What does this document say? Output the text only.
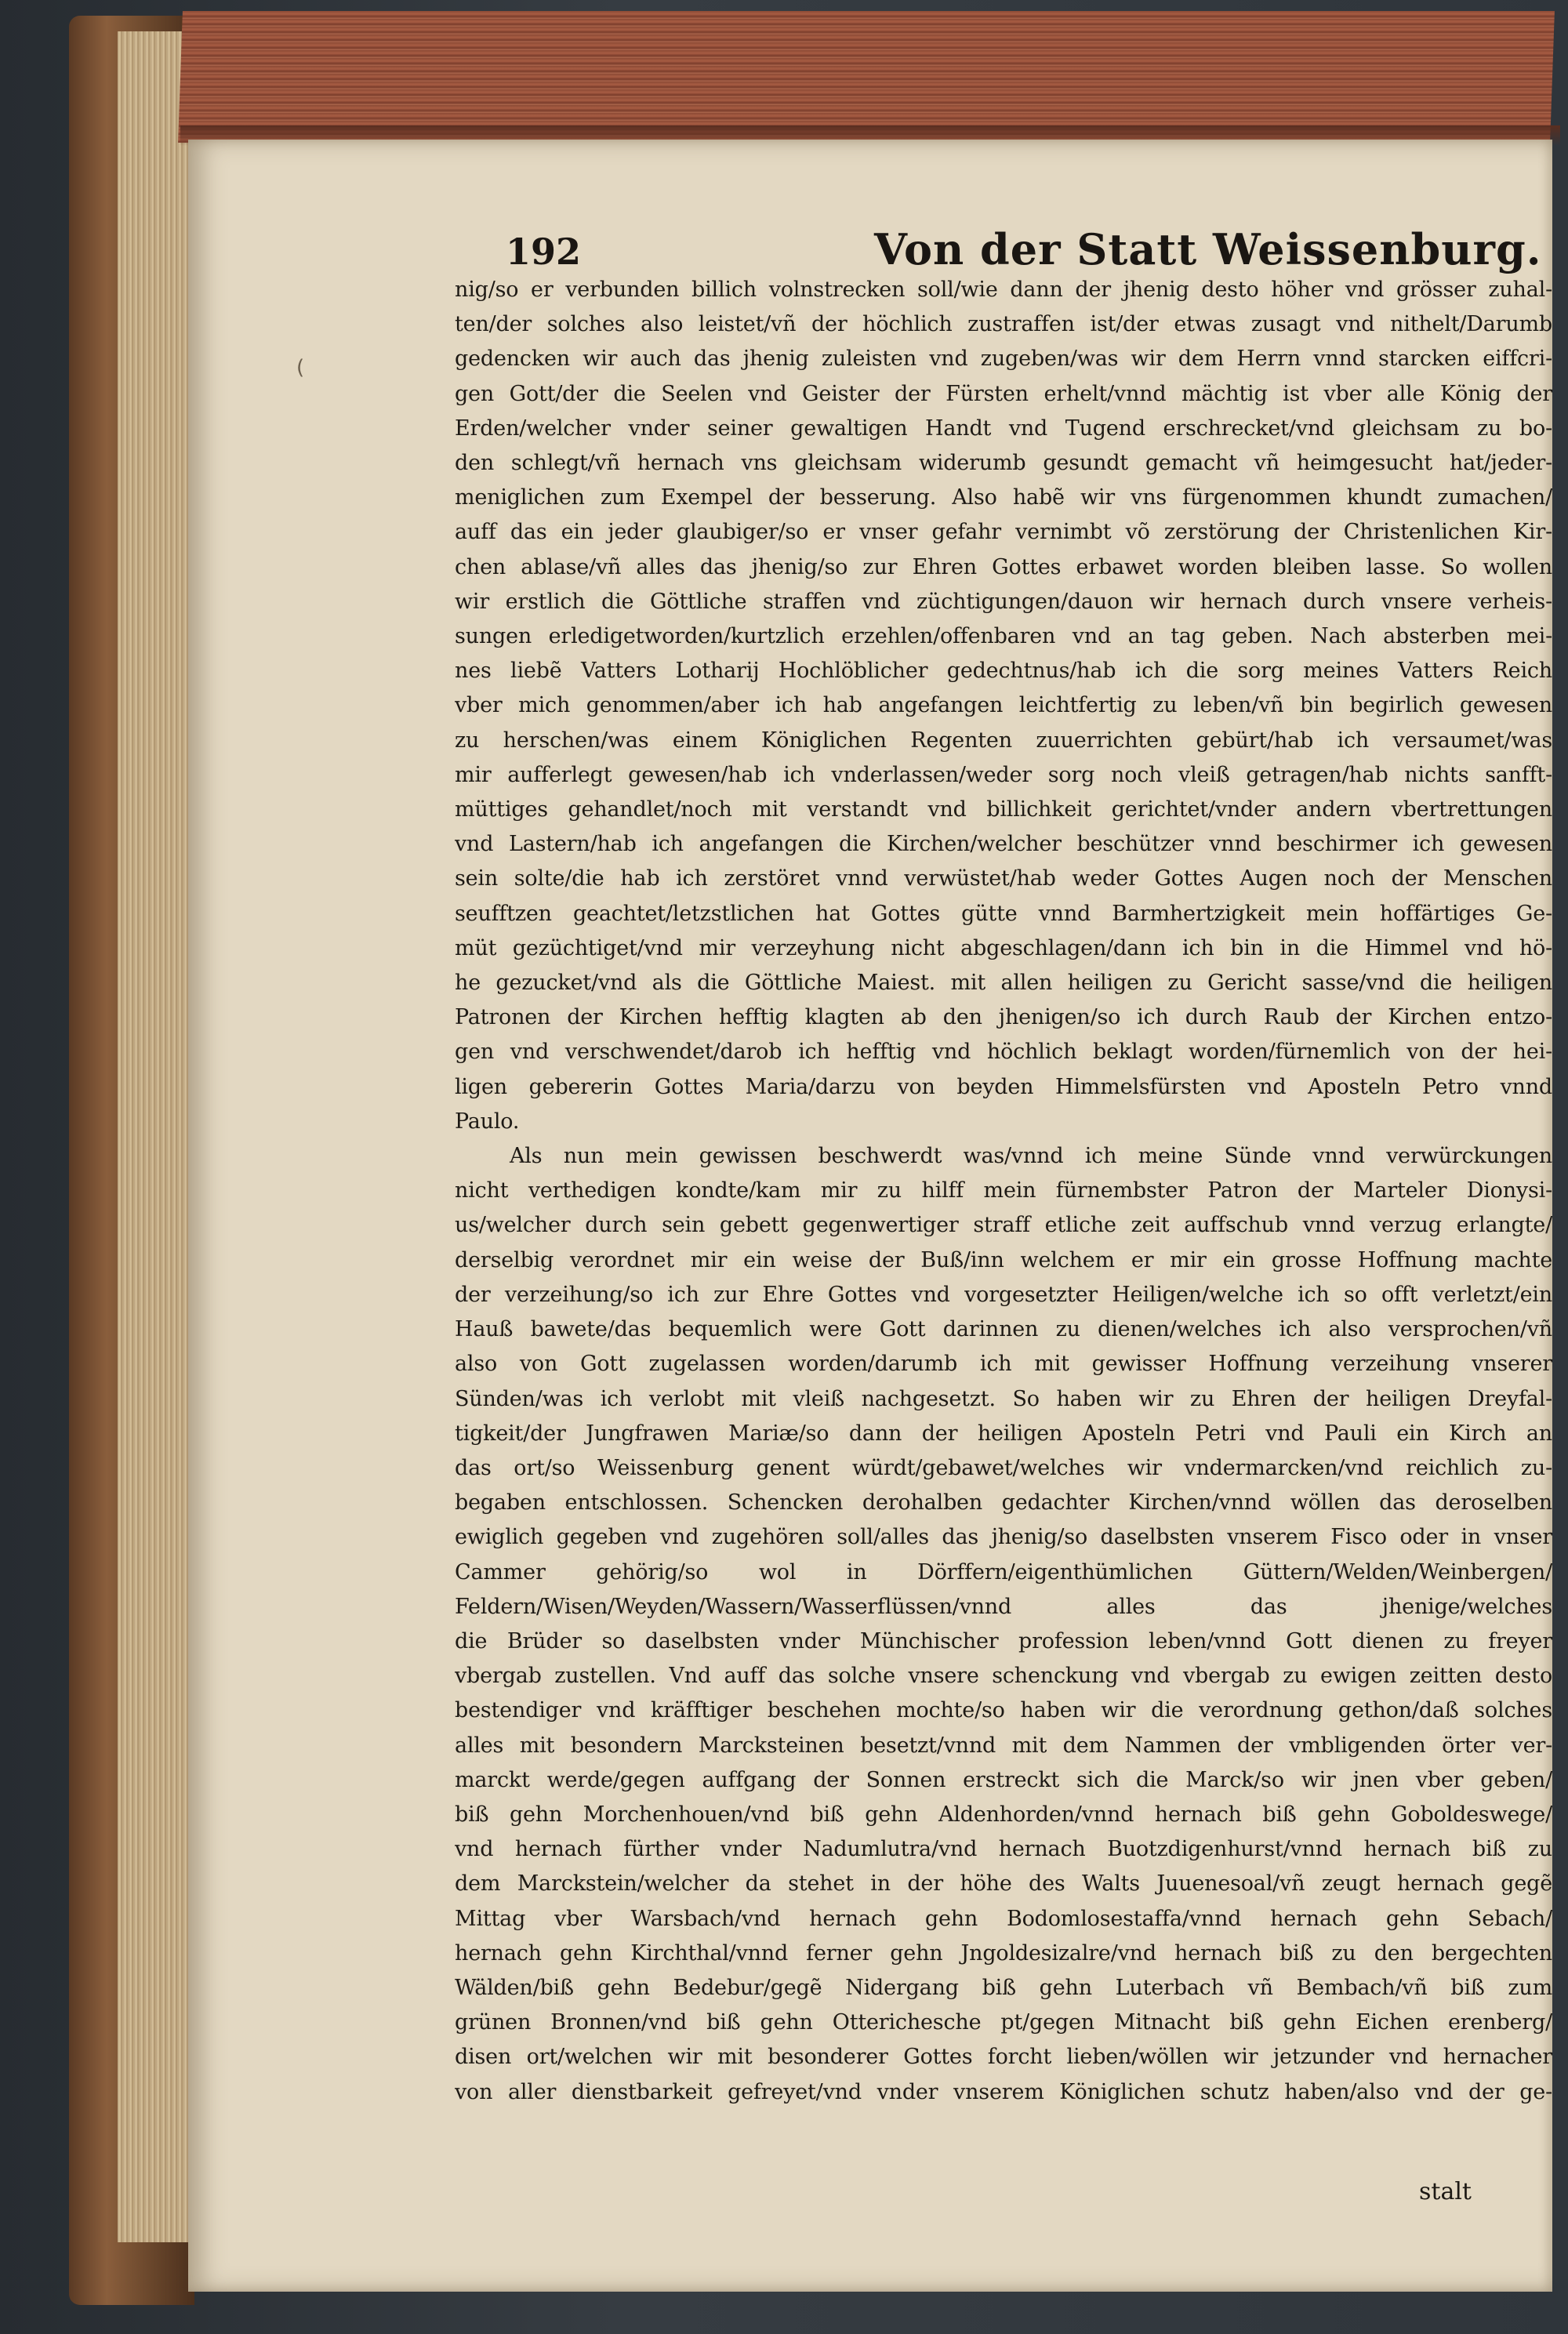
(
192	Von der Statt Weissenburg.
nig/so er verbunden billich volnstrecken soll/wie dann der jhenig desto höher vnd grösser zuhal-
ten/der solches also leistet/vñ der höchlich zustraffen ist/der etwas zusagt vnd nithelt/Darumb
gedencken wir auch das jhenig zuleisten vnd zugeben/was wir dem Herrn vnnd starcken eiffcri-
gen Gott/der die Seelen vnd Geister der Fürsten erhelt/vnnd mächtig ist vber alle König der
Erden/welcher vnder seiner gewaltigen Handt vnd Tugend erschrecket/vnd gleichsam zu bo-
den schlegt/vñ hernach vns gleichsam widerumb gesundt gemacht vñ heimgesucht hat/jeder-
meniglichen zum Exempel der besserung. Also habẽ wir vns fürgenommen khundt zumachen/
auff das ein jeder glaubiger/so er vnser gefahr vernimbt võ zerstörung der Christenlichen Kir-
chen ablase/vñ alles das jhenig/so zur Ehren Gottes erbawet worden bleiben lasse. So wollen
wir erstlich die Göttliche straffen vnd züchtigungen/dauon wir hernach durch vnsere verheis-
sungen erledigetworden/kurtzlich erzehlen/offenbaren vnd an tag geben. Nach absterben mei-
nes liebẽ Vatters Lotharij Hochlöblicher gedechtnus/hab ich die sorg meines Vatters Reich
vber mich genommen/aber ich hab angefangen leichtfertig zu leben/vñ bin begirlich gewesen
zu herschen/was einem Königlichen Regenten zuuerrichten gebürt/hab ich versaumet/was
mir aufferlegt gewesen/hab ich vnderlassen/weder sorg noch vleiß getragen/hab nichts sanfft-
müttiges gehandlet/noch mit verstandt vnd billichkeit gerichtet/vnder andern vbertrettungen
vnd Lastern/hab ich angefangen die Kirchen/welcher beschützer vnnd beschirmer ich gewesen
sein solte/die hab ich zerstöret vnnd verwüstet/hab weder Gottes Augen noch der Menschen
seufftzen geachtet/letzstlichen hat Gottes gütte vnnd Barmhertzigkeit mein hoffärtiges Ge-
müt gezüchtiget/vnd mir verzeyhung nicht abgeschlagen/dann ich bin in die Himmel vnd hö-
he gezucket/vnd als die Göttliche Maiest. mit allen heiligen zu Gericht sasse/vnd die heiligen
Patronen der Kirchen hefftig klagten ab den jhenigen/so ich durch Raub der Kirchen entzo-
gen vnd verschwendet/darob ich hefftig vnd höchlich beklagt worden/fürnemlich von der hei-
ligen gebererin Gottes Maria/darzu von beyden Himmelsfürsten vnd Aposteln Petro vnnd
Paulo.
Als nun mein gewissen beschwerdt was/vnnd ich meine Sünde vnnd verwürckungen
nicht verthedigen kondte/kam mir zu hilff mein fürnembster Patron der Marteler Dionysi-
us/welcher durch sein gebett gegenwertiger straff etliche zeit auffschub vnnd verzug erlangte/
derselbig verordnet mir ein weise der Buß/inn welchem er mir ein grosse Hoffnung machte
der verzeihung/so ich zur Ehre Gottes vnd vorgesetzter Heiligen/welche ich so offt verletzt/ein
Hauß bawete/das bequemlich were Gott darinnen zu dienen/welches ich also versprochen/vñ
also von Gott zugelassen worden/darumb ich mit gewisser Hoffnung verzeihung vnserer
Sünden/was ich verlobt mit vleiß nachgesetzt. So haben wir zu Ehren der heiligen Dreyfal-
tigkeit/der Jungfrawen Mariæ/so dann der heiligen Aposteln Petri vnd Pauli ein Kirch an
das ort/so Weissenburg genent würdt/gebawet/welches wir vndermarcken/vnd reichlich zu-
begaben entschlossen. Schencken derohalben gedachter Kirchen/vnnd wöllen das deroselben
ewiglich gegeben vnd zugehören soll/alles das jhenig/so daselbsten vnserem Fisco oder in vnser
Cammer gehörig/so wol in Dörffern/eigenthümlichen Güttern/Welden/Weinbergen/
Feldern/Wisen/Weyden/Wassern/Wasserflüssen/vnnd alles das jhenige/welches
die Brüder so daselbsten vnder Münchischer profession leben/vnnd Gott dienen zu freyer
vbergab zustellen. Vnd auff das solche vnsere schenckung vnd vbergab zu ewigen zeitten desto
bestendiger vnd kräfftiger beschehen mochte/so haben wir die verordnung gethon/daß solches
alles mit besondern Marcksteinen besetzt/vnnd mit dem Nammen der vmbligenden örter ver-
marckt werde/gegen auffgang der Sonnen erstreckt sich die Marck/so wir jnen vber geben/
biß gehn Morchenhouen/vnd biß gehn Aldenhorden/vnnd hernach biß gehn Goboldeswege/
vnd hernach fürther vnder Nadumlutra/vnd hernach Buotzdigenhurst/vnnd hernach biß zu
dem Marckstein/welcher da stehet in der höhe des Walts Juuenesoal/vñ zeugt hernach gegẽ
Mittag vber Warsbach/vnd hernach gehn Bodomlosestaffa/vnnd hernach gehn Sebach/
hernach gehn Kirchthal/vnnd ferner gehn Jngoldesizalre/vnd hernach biß zu den bergechten
Wälden/biß gehn Bedebur/gegẽ Nidergang biß gehn Luterbach vñ Bembach/vñ biß zum
grünen Bronnen/vnd biß gehn Otterichesche pt/gegen Mitnacht biß gehn Eichen erenberg/
disen ort/welchen wir mit besonderer Gottes forcht lieben/wöllen wir jetzunder vnd hernacher
von aller dienstbarkeit gefreyet/vnd vnder vnserem Königlichen schutz haben/also vnd der ge-
stalt
